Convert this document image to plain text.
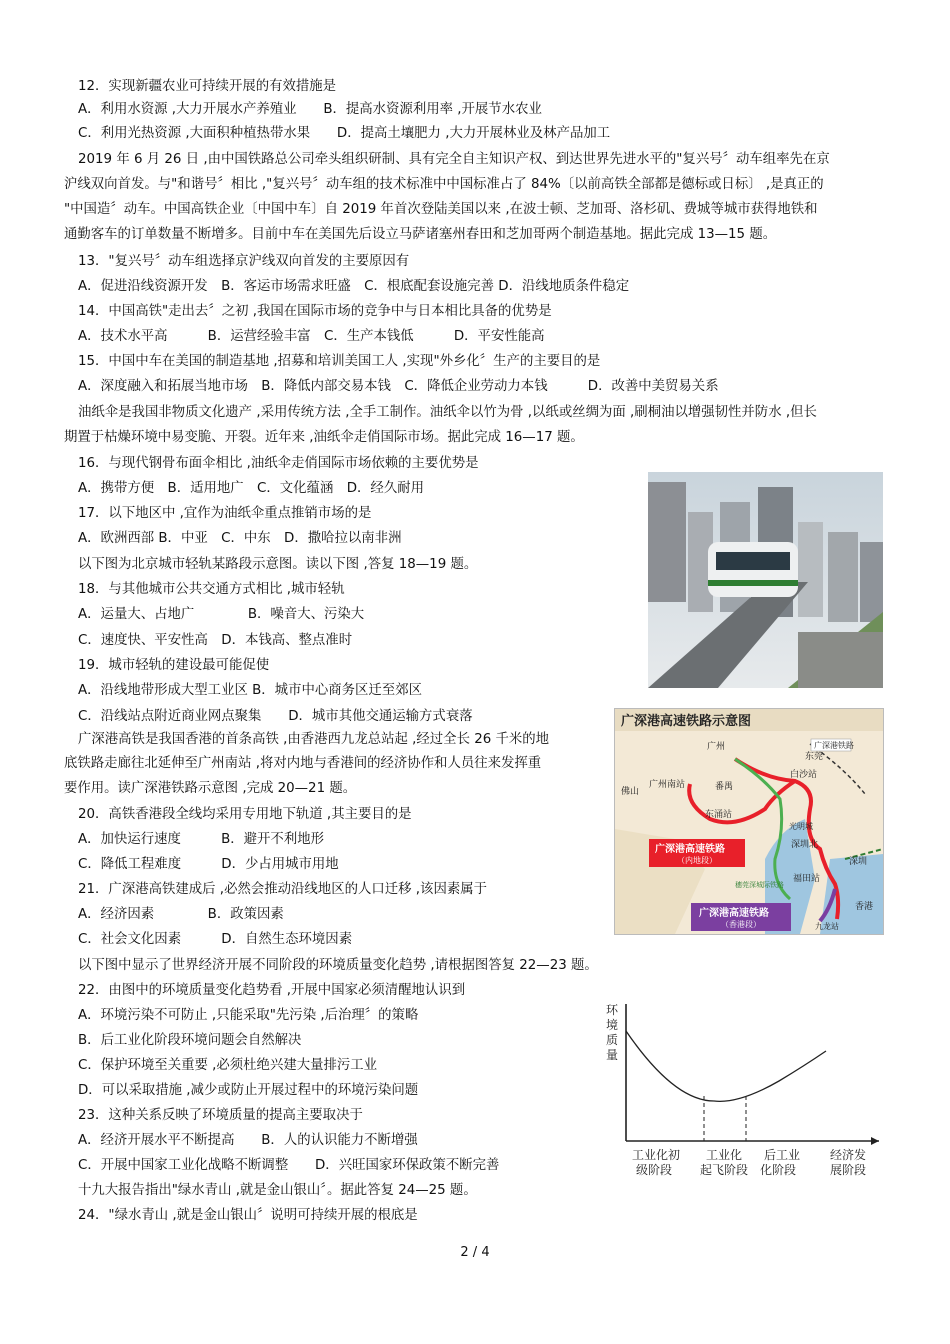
12．实现新疆农业可持续开展的有效措施是
A．利用水资源 ,大力开展水产养殖业　　B．提高水资源利用率 ,开展节水农业
C．利用光热资源 ,大面积种植热带水果　　D．提高土壤肥力 ,大力开展林业及林产品加工
2019 年 6 月 26 日 ,由中国铁路总公司牵头组织研制、具有完全自主知识产权、到达世界先进水平的"复兴号〞动车组率先在京
沪线双向首发。与"和谐号〞相比 ,"复兴号〞动车组的技术标准中中国标准占了 84%〔以前高铁全部都是德标或日标〕 ,是真正的
"中国造〞动车。中国高铁企业〔中国中车〕自 2019 年首次登陆美国以来 ,在波士顿、芝加哥、洛杉矶、费城等城市获得地铁和
通勤客车的订单数量不断增多。目前中车在美国先后设立马萨诸塞州春田和芝加哥两个制造基地。据此完成 13—15 题。
13．"复兴号〞动车组选择京沪线双向首发的主要原因有
A．促进沿线资源开发　B．客运市场需求旺盛　C．根底配套设施完善 D．沿线地质条件稳定
14．中国高铁"走出去〞之初 ,我国在国际市场的竞争中与日本相比具备的优势是
A．技术水平高　　　B．运营经验丰富　C．生产本钱低　　　D．平安性能高
15．中国中车在美国的制造基地 ,招募和培训美国工人 ,实现"外乡化〞生产的主要目的是
A．深度融入和拓展当地市场　B．降低内部交易本钱　C．降低企业劳动力本钱　　　D．改善中美贸易关系
油纸伞是我国非物质文化遗产 ,采用传统方法 ,全手工制作。油纸伞以竹为骨 ,以纸或丝绸为面 ,刷桐油以增强韧性并防水 ,但长
期置于枯燥环境中易变脆、开裂。近年来 ,油纸伞走俏国际市场。据此完成 16—17 题。
16．与现代钢骨布面伞相比 ,油纸伞走俏国际市场依赖的主要优势是
A．携带方便　B．适用地广　C．文化蕴涵　D．经久耐用
17．以下地区中 ,宜作为油纸伞重点推销市场的是
A．欧洲西部 B．中亚　C．中东　D．撒哈拉以南非洲
以下图为北京城市轻轨某路段示意图。读以下图 ,答复 18—19 题。
18．与其他城市公共交通方式相比 ,城市轻轨
A．运量大、占地广　　　　B．噪音大、污染大
C．速度快、平安性高　D．本钱高、整点准时
19．城市轻轨的建设最可能促使
A．沿线地带形成大型工业区 B．城市中心商务区迁至郊区
C．沿线站点附近商业网点聚集　　D．城市其他交通运输方式衰落
广深港高铁是我国香港的首条高铁 ,由香港西九龙总站起 ,经过全长 26 千米的地
底铁路走廊往北延伸至广州南站 ,将对内地与香港间的经济协作和人员往来发挥重
要作用。读广深港铁路示意图 ,完成 20—21 题。
20．高铁香港段全线均采用专用地下轨道 ,其主要目的是
A．加快运行速度　　　B．避开不利地形
C．降低工程难度　　　D．少占用城市用地
21．广深港高铁建成后 ,必然会推动沿线地区的人口迁移 ,该因素属于
A．经济因素　　　　B．政策因素
C．社会文化因素　　　D．自然生态环境因素
以下图中显示了世界经济开展不同阶段的环境质量变化趋势 ,请根据图答复 22—23 题。
22．由图中的环境质量变化趋势看 ,开展中国家必须清醒地认识到
A．环境污染不可防止 ,只能采取"先污染 ,后治理〞的策略
B．后工业化阶段环境问题会自然解决
C．保护环境至关重要 ,必须杜绝兴建大量排污工业
D．可以采取措施 ,减少或防止开展过程中的环境污染问题
23．这种关系反映了环境质量的提高主要取决于
A．经济开展水平不断提高　　B．人的认识能力不断增强
C．开展中国家工业化战略不断调整　　D．兴旺国家环保政策不断完善
十九大报告指出"绿水青山 ,就是金山银山〞。据此答复 24—25 题。
24．"绿水青山 ,就是金山银山〞说明可持续开展的根底是
广深港高速铁路示意图
广州
佛山
广州南站	番禺
东涌站
白沙站
东莞
光明城
深圳北
福田站
深圳
香港
九龙站
广深港铁路
广深港高速铁路
（内地段）
穗莞深城际铁路
广深港高速铁路
（香港段）
环
境
质
量
工业化初
级阶段
工业化
起飞阶段
后工业
化阶段
经济发
展阶段
2 / 4
